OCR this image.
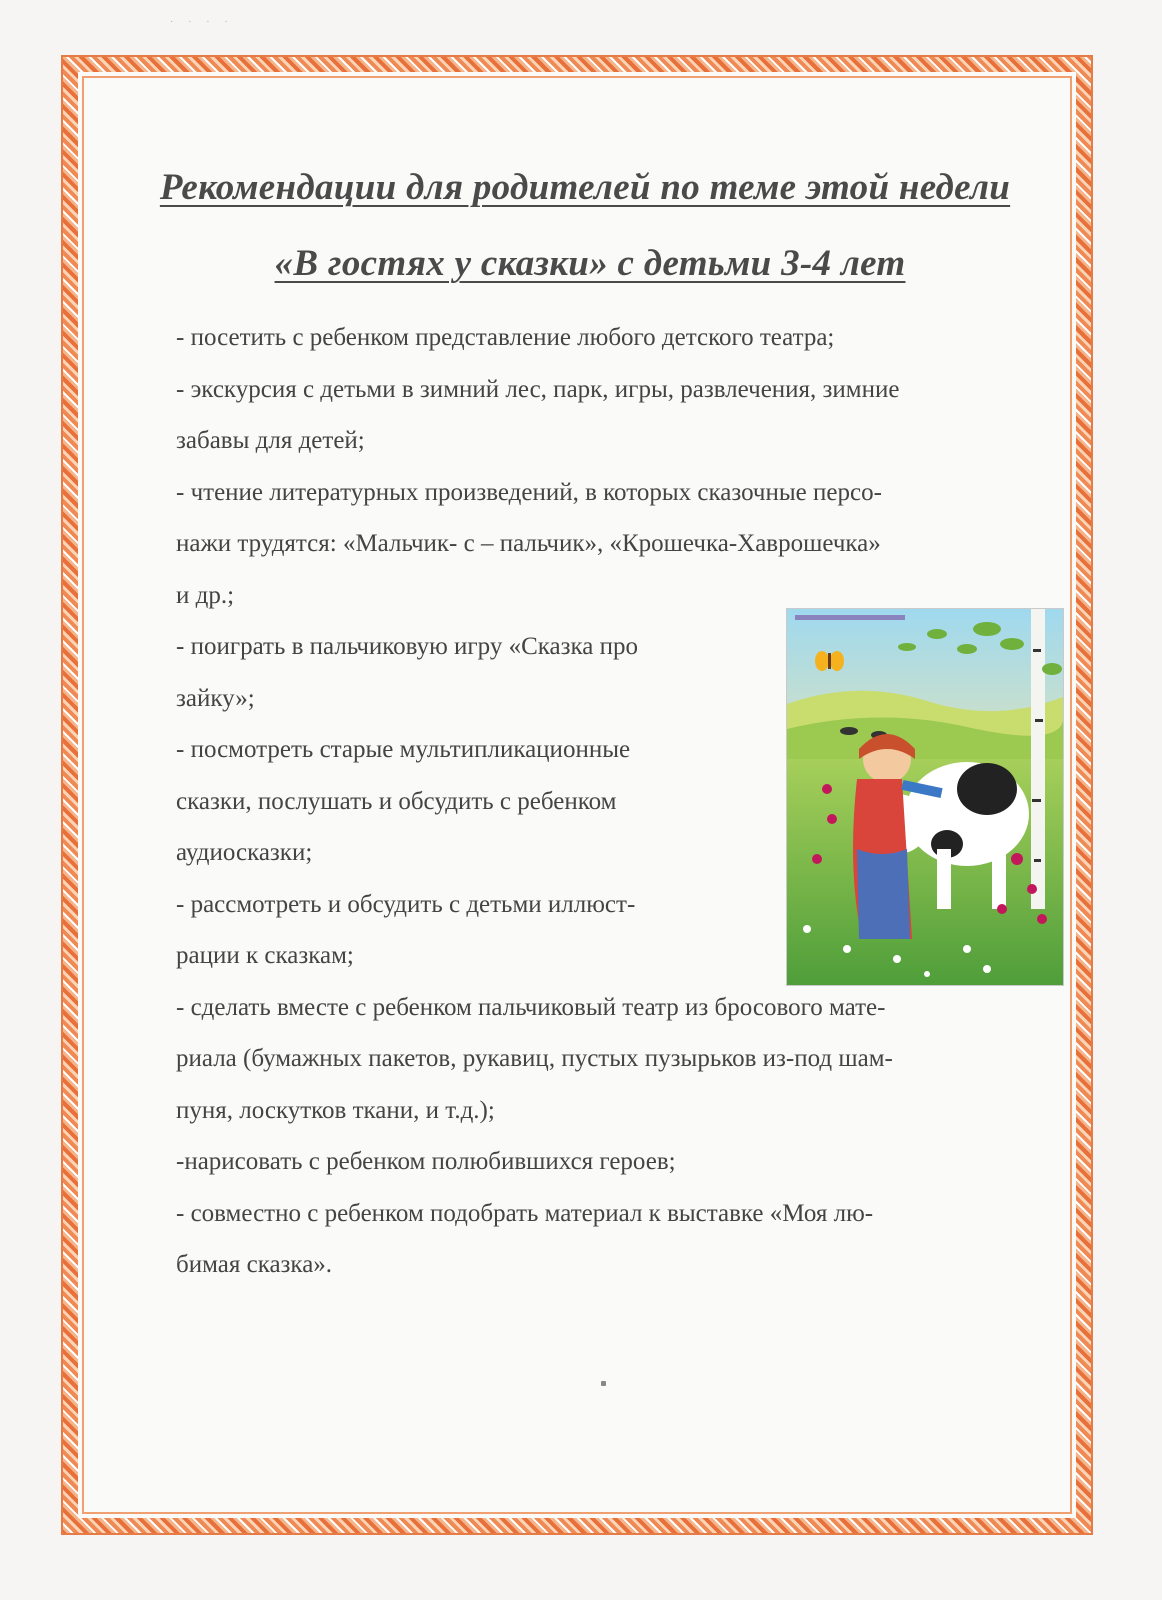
· · · ·
Рекомендации для родителей по теме этой недели
«В гостях у сказки» с детьми 3-4 лет
- посетить с ребенком представление любого детского театра;
- экскурсия с детьми в зимний лес, парк, игры, развлечения, зимние
забавы для детей;
- чтение литературных произведений, в которых сказочные персо-
нажи трудятся: «Мальчик- с – пальчик», «Крошечка-Хаврошечка»
и др.;
- поиграть в пальчиковую игру «Сказка про
зайку»;
- посмотреть старые мультипликационные
сказки, послушать и обсудить с ребенком
аудиосказки;
- рассмотреть и обсудить с детьми иллюст-
рации к сказкам;
- сделать вместе с ребенком пальчиковый театр из бросового мате-
риала (бумажных пакетов, рукавиц, пустых пузырьков из-под шам-
пуня, лоскутков ткани, и т.д.);
-нарисовать с ребенком полюбившихся героев;
- совместно с ребенком подобрать материал к выставке «Моя лю-
бимая сказка».
